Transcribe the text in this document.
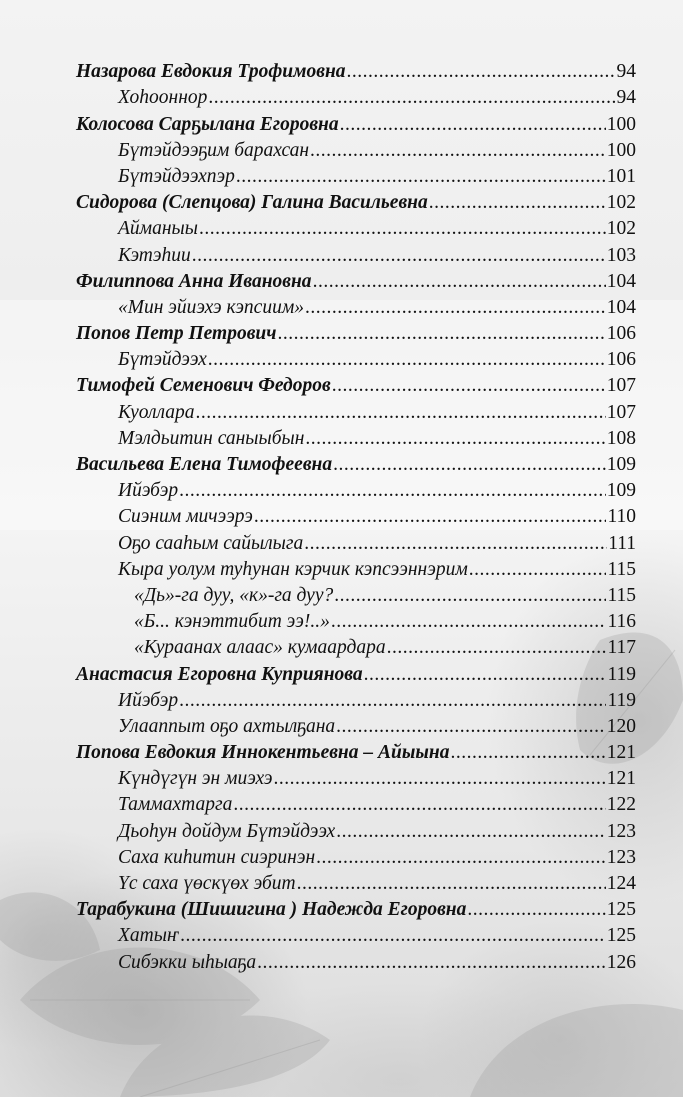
Назарова Евдокия Трофимовна .....	94
Хоһооннор .....	94
Колосова Сарҕылана Егоровна .....	100
Бүтэйдээҕим барахсан .....	100
Бүтэйдээхпэр .....	101
Сидорова (Слепцова) Галина Васильевна .....	102
Айманыы .....	102
Кэтэһии .....	103
Филиппова Анна Ивановна .....	104
«Мин эйиэхэ кэпсиим» .....	104
Попов Петр Петрович .....	106
Бүтэйдээх .....	106
Тимофей Семенович Федоров .....	107
Куоллара .....	107
Мэлдьитин саныыбын .....	108
Васильева Елена Тимофеевна .....	109
Ийэбэр .....	109
Сиэним мичээрэ .....	110
Оҕо сааһым сайылыга .....	111
Кыра уолум туһунан кэрчик кэпсээннэрим .....	115
«Дь»-га дуу, «к»-га дуу? .....	115
«Б... кэнэттибит ээ!..» .....	116
«Кураанах алаас» кумаардара .....	117
Анастасия Егоровна Куприянова .....	119
Ийэбэр .....	119
Улааппыт оҕо ахтылҕана .....	120
Попова Евдокия Иннокентьевна – Айыына .....	121
Күндүгүн эн миэхэ .....	121
Таммахтарга .....	122
Дьоһун дойдум Бүтэйдээх .....	123
Саха киһитин сиэринэн .....	123
Үс саха үөскүөх эбит .....	124
Тарабукина (Шишигина ) Надежда Егоровна .....	125
Хатыҥ .....	125
Сибэкки ыһыаҕа .....	126
